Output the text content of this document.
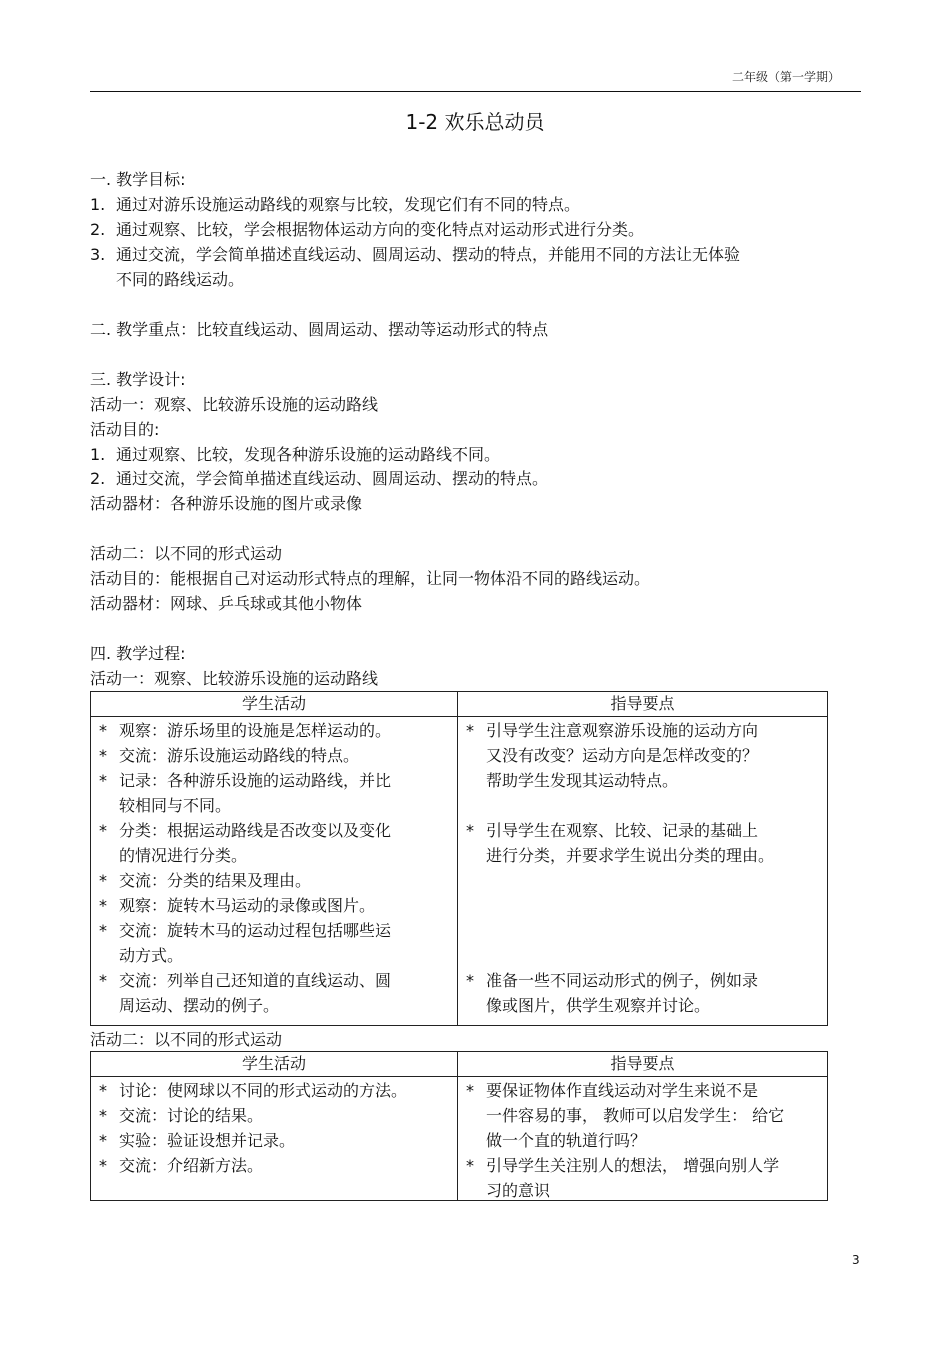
二年级（第一学期）
1-2 欢乐总动员
一. 教学目标:
1. 通过对游乐设施运动路线的观察与比较，发现它们有不同的特点。
2. 通过观察、比较，学会根据物体运动方向的变化特点对运动形式进行分类。
3. 通过交流，学会简单描述直线运动、圆周运动、摆动的特点，并能用不同的方法让无体验
不同的路线运动。
二. 教学重点：比较直线运动、圆周运动、摆动等运动形式的特点
三. 教学设计:
活动一：观察、比较游乐设施的运动路线
活动目的:
1. 通过观察、比较，发现各种游乐设施的运动路线不同。
2. 通过交流，学会简单描述直线运动、圆周运动、摆动的特点。
活动器材：各种游乐设施的图片或录像
活动二：以不同的形式运动
活动目的：能根据自己对运动形式特点的理解，让同一物体沿不同的路线运动。
活动器材：网球、乒乓球或其他小物体
四. 教学过程:
活动一：观察、比较游乐设施的运动路线
学生活动	指导要点
* 观察：游乐场里的设施是怎样运动的。
* 交流：游乐设施运动路线的特点。
* 记录：各种游乐设施的运动路线，并比
较相同与不同。
* 分类：根据运动路线是否改变以及变化
的情况进行分类。
* 交流：分类的结果及理由。
* 观察：旋转木马运动的录像或图片。
* 交流：旋转木马的运动过程包括哪些运
动方式。
* 交流：列举自己还知道的直线运动、圆
周运动、摆动的例子。
* 引导学生注意观察游乐设施的运动方向
又没有改变？运动方向是怎样改变的？
帮助学生发现其运动特点。
* 引导学生在观察、比较、记录的基础上
进行分类，并要求学生说出分类的理由。
* 准备一些不同运动形式的例子，例如录
像或图片，供学生观察并讨论。
活动二：以不同的形式运动
学生活动	指导要点
* 讨论：使网球以不同的形式运动的方法。
* 交流：讨论的结果。
* 实验：验证设想并记录。
* 交流：介绍新方法。
* 要保证物体作直线运动对学生来说不是
一件容易的事， 教师可以启发学生： 给它
做一个直的轨道行吗？
* 引导学生关注别人的想法， 增强向别人学
习的意识
3
